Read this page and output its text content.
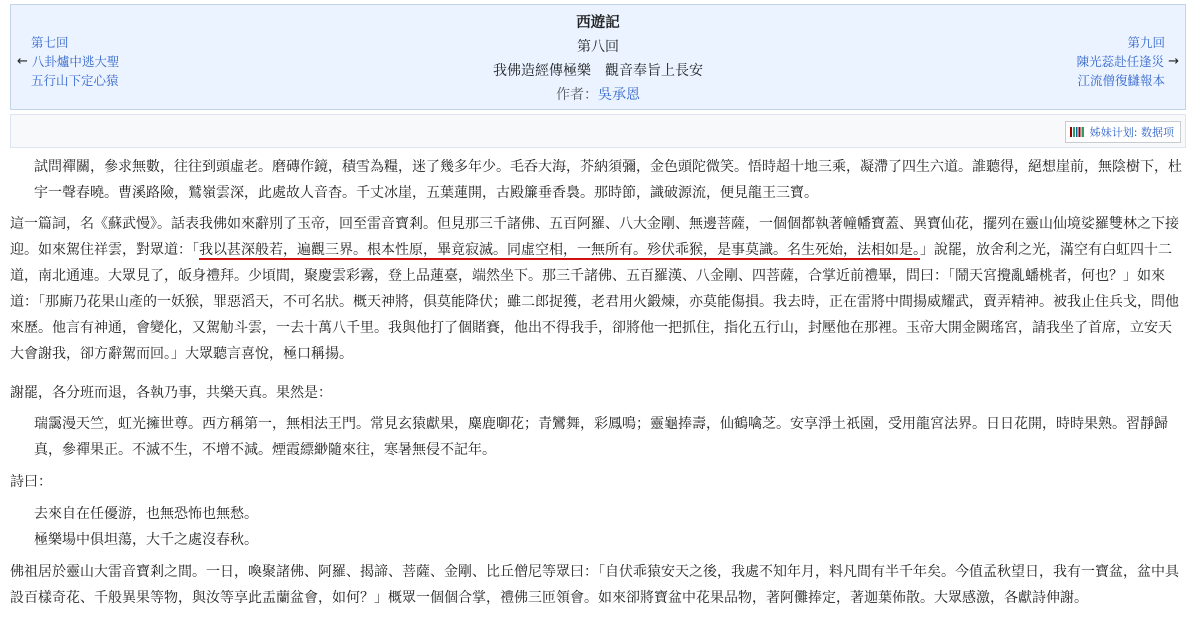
第七回
← 八卦爐中逃大聖
五行山下定心猿
西遊記
第八回
我佛造經傳極樂　觀音奉旨上長安
作者：吳承恩
第九回
陳光蕊赴任逢災 →
江流僧復讎報本
姊妹计划: 数据项

試問禪關，參求無數，往往到頭虛老。磨磚作鏡，積雪為糧，迷了幾多年少。毛呑大海，芥納須彌，金色頭陀微笑。悟時超十地三乘，凝滯了四生六道。誰聽得，絕想崖前，無陰樹下，杜宇一聲春曉。曹溪路險，鷲嶺雲深，此處故人音杳。千丈冰崖，五葉蓮開，古殿簾垂香裊。那時節，識破源流，便見龍王三寶。

這一篇詞，名《蘇武慢》。話表我佛如來辭別了玉帝，回至雷音寶剎。但見那三千諸佛、五百阿羅、八大金剛、無邊菩薩，一個個都執著幢幡寶蓋、異寶仙花，擺列在靈山仙境娑羅雙林之下接迎。如來駕住祥雲，對眾道：「我以甚深般若，遍觀三界。根本性原，畢竟寂滅。同虛空相，一無所有。殄伏乖猴，是事莫識。名生死始，法相如是。」說罷，放舍利之光，滿空有白虹四十二道，南北通連。大眾見了，皈身禮拜。少頃間，聚慶雲彩霧，登上品蓮臺，端然坐下。那三千諸佛、五百羅漢、八金剛、四菩薩，合掌近前禮畢，問曰：「鬧天宮攪亂蟠桃者，何也？」如來道：「那廝乃花果山產的一妖猴，罪惡滔天，不可名狀。概天神將，俱莫能降伏；雖二郎捉獲，老君用火鍛煉，亦莫能傷損。我去時，正在雷將中間揚威耀武，賣弄精神。被我止住兵戈，問他來歷。他言有神通，會變化，又駕觔斗雲，一去十萬八千里。我與他打了個賭賽，他出不得我手，卻將他一把抓住，指化五行山，封壓他在那裡。玉帝大開金闕瑤宮，請我坐了首席，立安天大會謝我，卻方辭駕而回。」大眾聽言喜悅，極口稱揚。

謝罷，各分班而退，各執乃事，共樂天真。果然是：

瑞靄漫天竺，虹光擁世尊。西方稱第一，無相法王門。常見玄猿獻果，麋鹿啣花；青鸞舞，彩鳳鳴；靈龜捧壽，仙鶴噙芝。安享淨土祇園，受用龍宮法界。日日花開，時時果熟。習靜歸真，參禪果正。不滅不生，不增不減。煙霞縹緲隨來往，寒暑無侵不記年。

詩曰：

去來自在任優游，也無恐怖也無愁。

極樂場中俱坦蕩，大千之處沒春秋。

佛祖居於靈山大雷音寶剎之間。一日，喚聚諸佛、阿羅、揭諦、菩薩、金剛、比丘僧尼等眾曰：「自伏乖猿安天之後，我處不知年月，料凡間有半千年矣。今值孟秋望日，我有一寶盆，盆中具設百樣奇花、千般異果等物，與汝等享此盂蘭盆會，如何？」概眾一個個合掌，禮佛三匝領會。如來卻將寶盆中花果品物，著阿儺捧定，著迦葉佈散。大眾感激，各獻詩伸謝。
